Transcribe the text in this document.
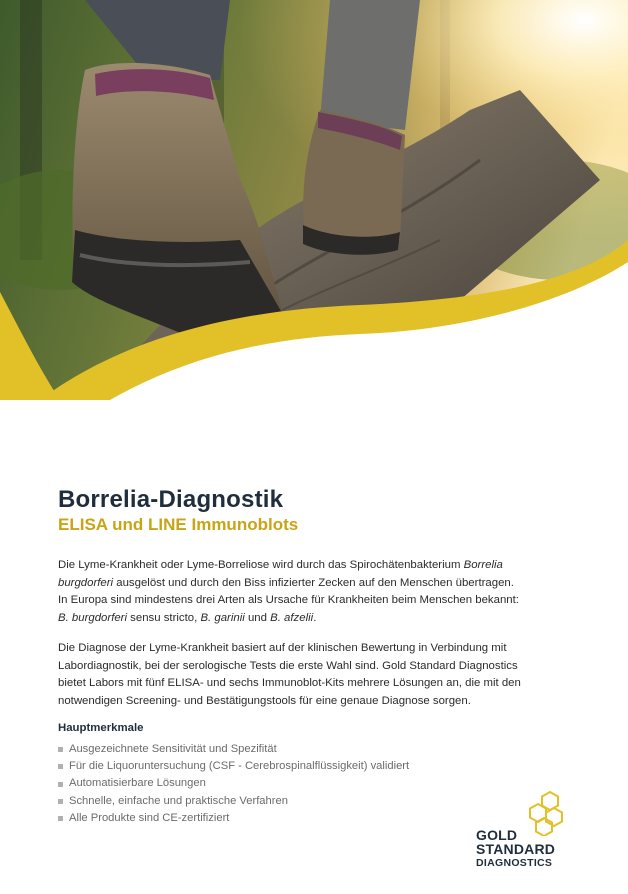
Borrelia-Diagnostik
ELISA und LINE Immunoblots

Die Lyme-Krankheit oder Lyme-Borreliose wird durch das Spirochätenbakterium Borrelia
burgdorferi ausgelöst und durch den Biss infizierter Zecken auf den Menschen übertragen.
In Europa sind mindestens drei Arten als Ursache für Krankheiten beim Menschen bekannt:
B. burgdorferi sensu stricto, B. garinii und B. afzelii.

Die Diagnose der Lyme-Krankheit basiert auf der klinischen Bewertung in Verbindung mit
Labordiagnostik, bei der serologische Tests die erste Wahl sind. Gold Standard Diagnostics
bietet Labors mit fünf ELISA- und sechs Immunoblot-Kits mehrere Lösungen an, die mit den
notwendigen Screening- und Bestätigungstools für eine genaue Diagnose sorgen.

Hauptmerkmale
Ausgezeichnete Sensitivität und Spezifität
Für die Liquoruntersuchung (CSF - Cerebrospinalflüssigkeit) validiert
Automatisierbare Lösungen
Schnelle, einfache und praktische Verfahren
Alle Produkte sind CE-zertifiziert
GOLD
STANDARD
DIAGNOSTICS
